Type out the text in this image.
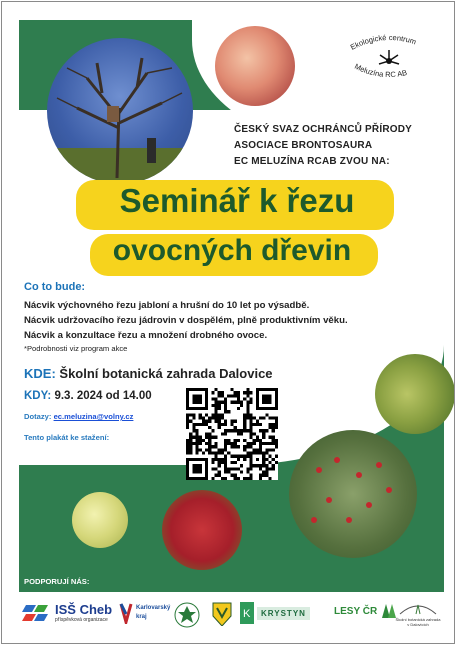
Ekologické centrum
Meluzína RC AB

ČESKÝ SVAZ OCHRÁNCŮ PŘÍRODY

ASOCIACE BRONTOSAURA

EC MELUZÍNA RCAB ZVOU NA:

Seminář k řezu

ovocných dřevin

Co to bude:

Nácvik výchovného řezu jabloní a hrušní do 10 let po výsadbě.

Nácvik udržovacího řezu jádrovin v dospělém, plně produktivním věku.

Nácvik a konzultace řezu a množení drobného ovoce.

*Podrobnosti viz program akce

KDE: Školní botanická zahrada Dalovice

KDY: 9.3. 2024 od 14.00

Dotazy: ec.meluzina@volny.cz

Tento plakát ke stažení:

PODPORUJÍ NÁS:

ISŠ Cheb
příspěvková organizace
Karlovarský kraj	K	KRYSTYN	LESY ČR
Školní botanická zahrada v Dalovicích
